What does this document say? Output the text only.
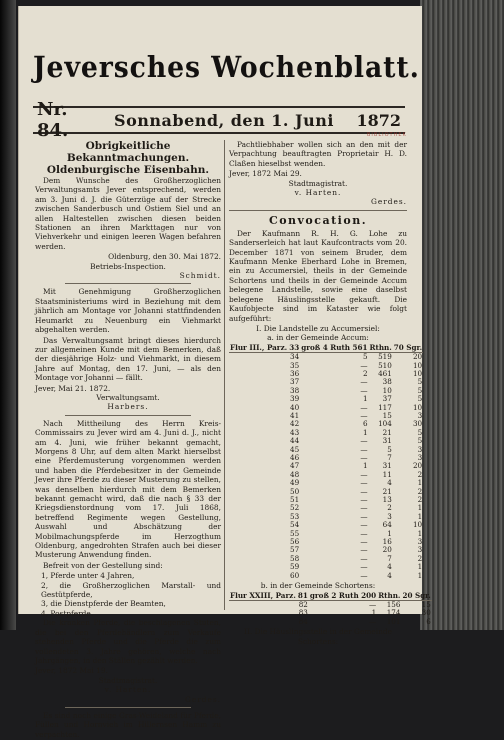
Jeversches Wochenblatt.
Nr. 84.	Sonnabend, den 1. Juni	1872
Obrigkeitliche Bekanntmachungen.
Oldenburgische Eisenbahn.
Dem Wunsche des Großherzoglichen Verwaltungsamts Jever entsprechend, werden am 3. Juni d. J. die Güterzüge auf der Strecke zwischen Sanderbusch und Ostiem Siel und an allen Haltestellen zwischen diesen beiden Stationen an ihren Markttagen nur von Viehverkehr und einigen leeren Wagen befahren werden.
Oldenburg, den 30. Mai 1872.
Betriebs-Inspection.
Schmidt.
Mit Genehmigung Großherzoglichen Staatsministeriums wird in Beziehung mit dem jährlich am Montage vor Johanni stattfindenden Heumarkt zu Neuenburg ein Viehmarkt abgehalten werden.
Das Verwaltungsamt bringt dieses hierdurch zur allgemeinen Kunde mit dem Bemerken, daß der diesjährige Holz- und Viehmarkt, in diesem Jahre auf Montag, den 17. Juni, — als den Montage vor Johanni — fällt.
Jever, Mai 21. 1872.
Verwaltungsamt.
Harbers.
Nach Mittheilung des Herrn Kreis-Commissairs zu Jever wird am 4. Juni d. J., nicht am 4. Juni, wie früher bekannt gemacht, Morgens 8 Uhr, auf dem alten Markt hierselbst eine Pferdemusterung vorgenommen werden und haben die Pferdebesitzer in der Gemeinde Jever ihre Pferde zu dieser Musterung zu stellen, was denselben hierdurch mit dem Bemerken bekannt gemacht wird, daß die nach § 33 der Kriegsdienstordnung vom 17. Juli 1868, betreffend Regimente wegen Gestellung, Auswahl und Abschätzung der Mobilmachungspferde im Herzogthum Oldenburg, angedrohten Strafen auch bei dieser Musterung Anwendung finden.
Befreit von der Gestellung sind:
1, Pferde unter 4 Jahren,
2, die Großherzoglichen Marstall- und Gestütpferde,
3, die Dienstpferde der Beamten,
4, Postpferde.
Die kranken Pferde, die beschlagenen Stuten, die bei den Pferdehändlern zum Verkaufe stehenden Pferde und die Pferde die zum vollendeten 3. Jahre gehören, welche nach Jahrgängen, in den Ställen gezählt werden.
Jever, 1872 Mai 19.
Stadtmagistrat.
v. Harten.
Gerdes.
Es sind noch einige Gras-Weideland für Pferde, Füllen und Hornvieh im Hillernsen Hamm zu verpachten.
Pachtliebhaber wollen sich an den mit der Verpachtung beauftragten Proprietair H. D. Claßen hieselbst wenden.
Jever, 1872 Mai 29.
Stadtmagistrat.
v. Harten.
Gerdes.
Convocation.
Der Kaufmann R. H. G. Lohe zu Sanderserleich hat laut Kaufcontracts vom 20. December 1871 von seinem Bruder, dem Kaufmann Menke Eberhard Lohe in Bremen, ein zu Accumersiel, theils in der Gemeinde Schortens und theils in der Gemeinde Accum belegene Landstelle, sowie eine daselbst belegene Häuslingsstelle gekauft. Die Kaufobjecte sind im Kataster wie folgt aufgeführt:
I. Die Landstelle zu Accumersiel:
a. in der Gemeinde Accum:
Flur III., Parz.	33	groß 4 Ruth 561	Rthn.	70 Sgr.
	34	5	519	20
	35	—	510	10
	36	2	461	10
	37	—	38	5
	38	—	10	5
	39	1	37	5
	40	—	117	10
	41	—	15	3
	42	6	104	30
	43	1	21	5
	44	—	31	5
	45	—	5	3
	46	—	7	3
	47	1	31	20
	48	—	11	2
	49	—	4	1
	50	—	21	2
	51	—	13	2
	52	—	2	1
	53	—	3	1
	54	—	64	10
	55	—	1	1
	56	—	16	3
	57	—	20	3
	58	—	7	2
	59	—	4	1
	60	—	4	1
b. in der Gemeinde Schortens:
Flur XXIII, Parz.	81	groß 2 Ruth 200	Rthn.	20 Sgr.
	82	—	156	15
	83	1	174	30
	84	—	101	6
II. Die Häuslingsstelle in der Gemeinde Schortens:
BIBLIOTHEK
